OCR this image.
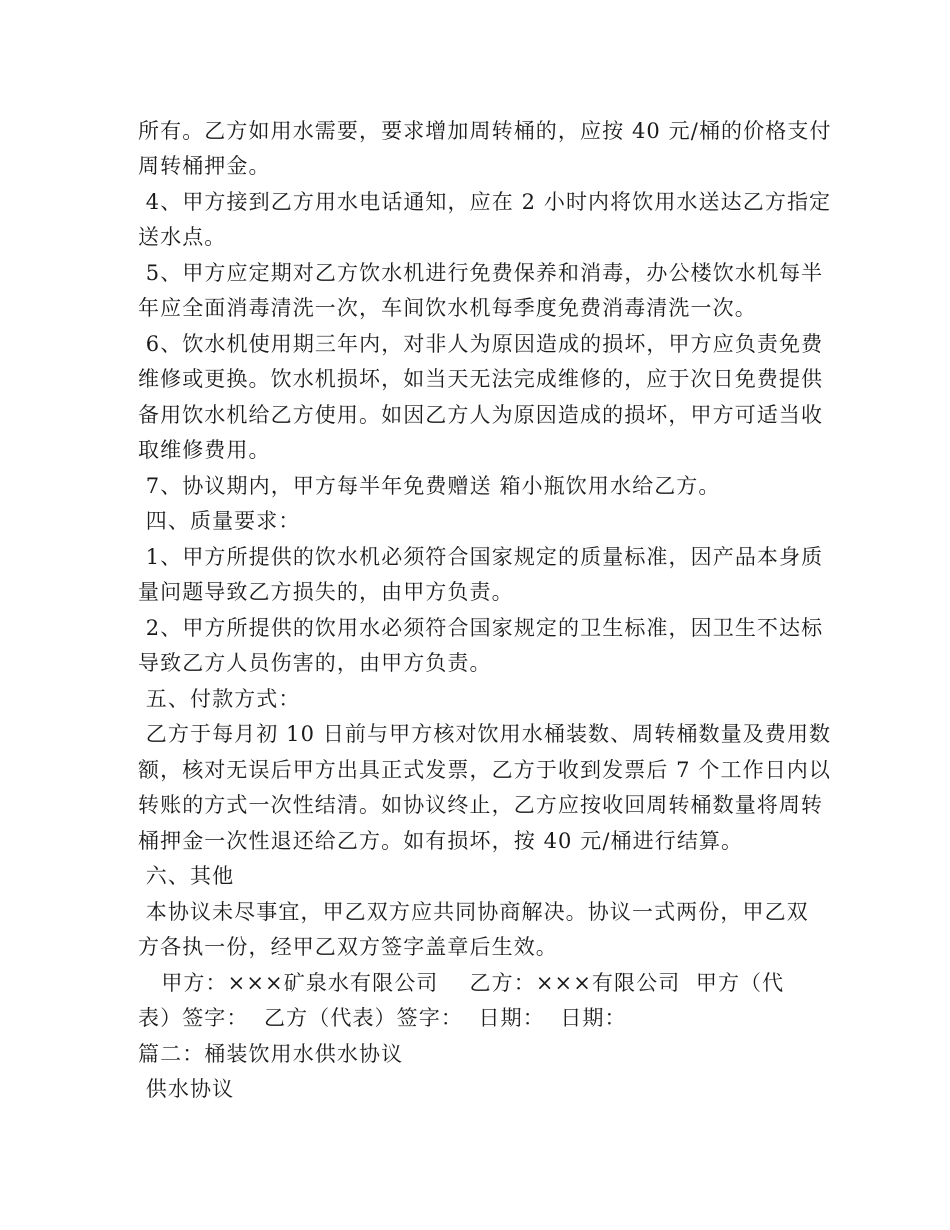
所有。乙方如用水需要，要求增加周转桶的，应按 40 元/桶的价格支付
周转桶押金。
4、甲方接到乙方用水电话通知，应在 2 小时内将饮用水送达乙方指定
送水点。
5、甲方应定期对乙方饮水机进行免费保养和消毒，办公楼饮水机每半
年应全面消毒清洗一次，车间饮水机每季度免费消毒清洗一次。
6、饮水机使用期三年内，对非人为原因造成的损坏，甲方应负责免费
维修或更换。饮水机损坏，如当天无法完成维修的，应于次日免费提供
备用饮水机给乙方使用。如因乙方人为原因造成的损坏，甲方可适当收
取维修费用。
7、协议期内，甲方每半年免费赠送 箱小瓶饮用水给乙方。
四、质量要求：
1、甲方所提供的饮水机必须符合国家规定的质量标准，因产品本身质
量问题导致乙方损失的，由甲方负责。
2、甲方所提供的饮用水必须符合国家规定的卫生标准，因卫生不达标
导致乙方人员伤害的，由甲方负责。
五、付款方式：
乙方于每月初 10 日前与甲方核对饮用水桶装数、周转桶数量及费用数
额，核对无误后甲方出具正式发票，乙方于收到发票后 7 个工作日内以
转账的方式一次性结清。如协议终止，乙方应按收回周转桶数量将周转
桶押金一次性退还给乙方。如有损坏，按 40 元/桶进行结算。
六、其他
本协议未尽事宜，甲乙双方应共同协商解决。协议一式两份，甲乙双
方各执一份，经甲乙双方签字盖章后生效。
甲方：×××矿泉水有限公司    乙方：×××有限公司  甲方（代
表）签字：  乙方（代表）签字：  日期：  日期：
篇二：桶装饮用水供水协议
供水协议
